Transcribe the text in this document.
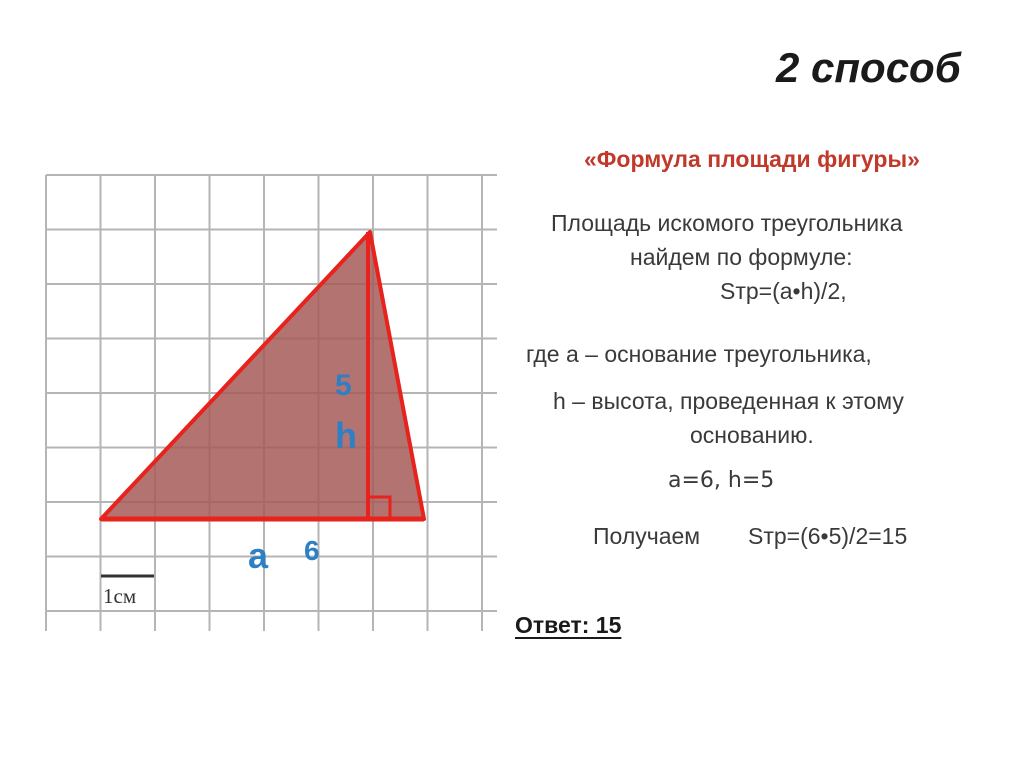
2 способ
«Формула площади фигуры»
Площадь искомого треугольника
найдем по формуле:
Sтр=(a•h)/2,
где а – основание треугольника,
h – высота, проведенная к этому
основанию.
a=6, h=5
Получаем Sтр=(6•5)/2=15
Ответ: 15
1см
5
h
a 6
